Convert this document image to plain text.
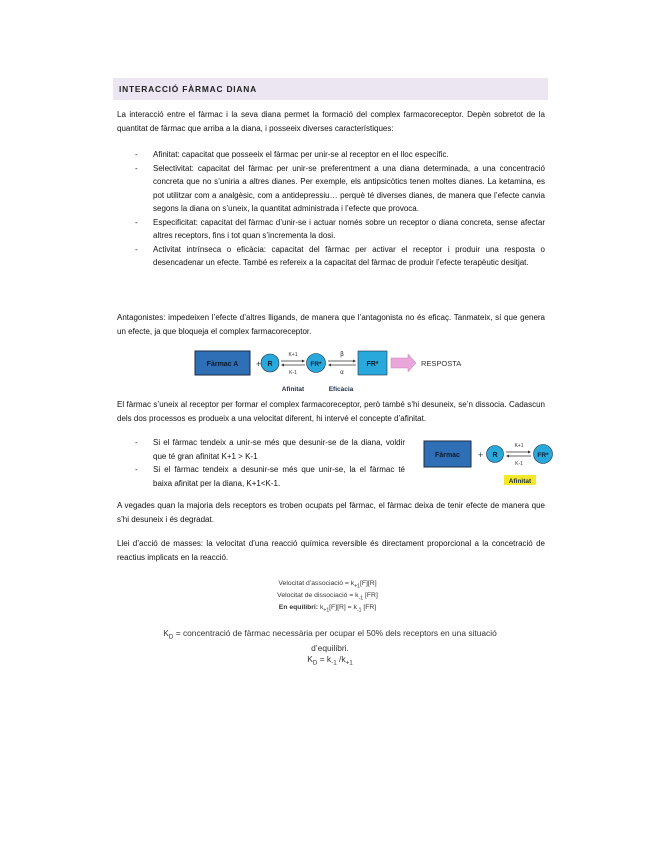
INTERACCIÓ FÀRMAC DIANA

La interacció entre el fàrmac i la seva diana permet la formació del complex farmacoreceptor. Depèn sobretot de la quantitat de fàrmac que arriba a la diana, i posseeix diverses característiques:

- Afinitat: capacitat que posseeix el fàrmac per unir-se al receptor en el lloc específic.
- Selectivitat: capacitat del fàrmac per unir-se preferentment a una diana determinada, a una concentració concreta que no s’uniria a altres dianes. Per exemple, els antipsicòtics tenen moltes dianes. La ketamina, es pot utilitzar com a analgèsic, com a antidepressiu… perquè té diverses dianes, de manera que l’efecte canvia segons la diana on s’uneix, la quantitat administrada i l’efecte que provoca.
- Especificitat: capacitat del fàrmac d’unir-se i actuar només sobre un receptor o diana concreta, sense afectar altres receptors, fins i tot quan s’incrementa la dosi.
- Activitat intrínseca o eficàcia: capacitat del fàrmac per activar el receptor i produir una resposta o desencadenar un efecte. També es refereix a la capacitat del fàrmac de produir l’efecte terapèutic desitjat.

Antagonistes: impedeixen l’efecte d’altres lligands, de manera que l’antagonista no és eficaç. Tanmateix, sí que genera un efecte, ja que bloqueja el complex farmacoreceptor.

Fàrmac A + R
K+1
K-1
FR*
β
α
FR*	RESPOSTA
Afinitat	Eficàcia

El fàrmac s’uneix al receptor per formar el complex farmacoreceptor, però també s’hi desuneix, se’n dissocia. Cadascun dels dos processos es produeix a una velocitat diferent, hi intervé el concepte d’afinitat.

- Si el fàrmac tendeix a unir-se més que desunir-se de la diana, voldir que té gran afinitat K+1 > K-1
- Si el fàrmac tendeix a desunir-se més que unir-se, la el fàrmac té baixa afinitat per la diana, K+1<K-1.
Fàrmac + R
K+1
K-1
FR*
Afinitat

A vegades quan la majoria dels receptors es troben ocupats pel fàrmac, el fàrmac deixa de tenir efecte de manera que s’hi desuneix i és degradat.

Llei d’acció de masses: la velocitat d’una reacció química reversible és directament proporcional a la concetració de reactius implicats en la reacció.

Velocitat d’associació = $k_{+1}[F][R]$
Velocitat de dissociació = $k_{-1}$ [FR]
En equilibri: $k_{+1}[F][R] = k_{-1}$ [FR]
$K_D$ = concentració de fàrmac necessària per ocupar el 50% dels receptors en una situació d’equilibri.
$K_D = k_{-1}$ $/k_{+1}$
